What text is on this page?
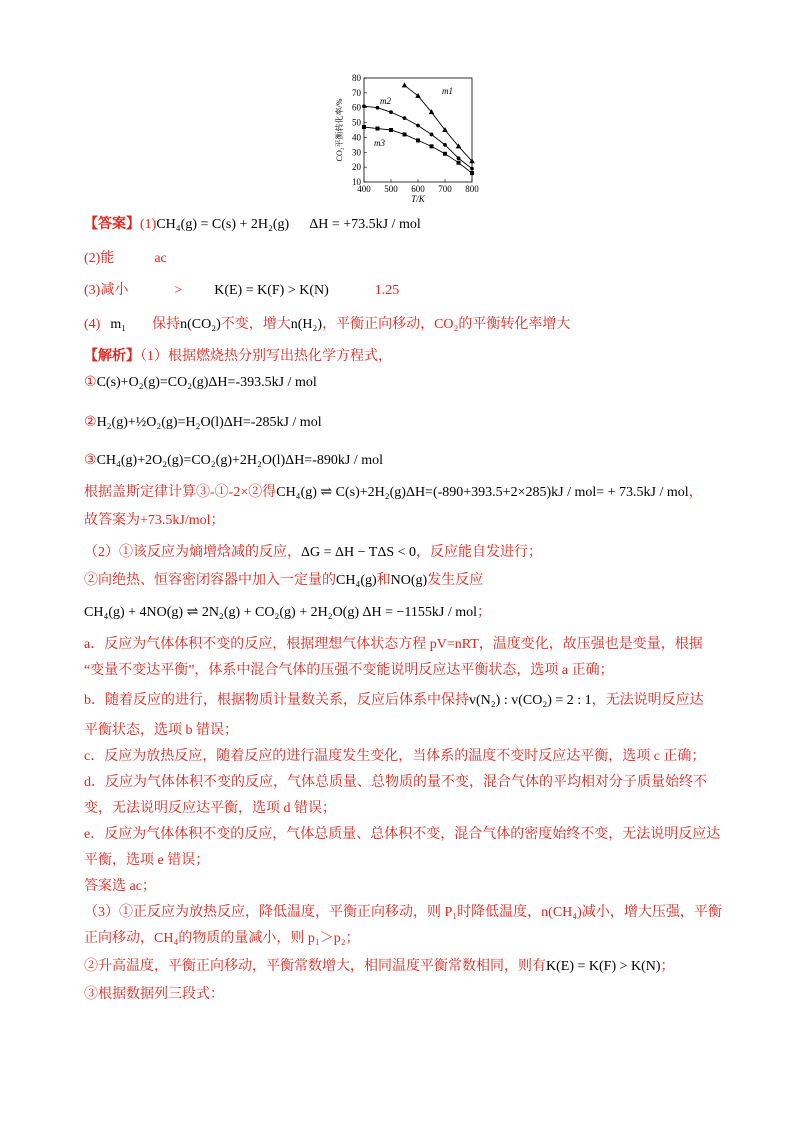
400 500 600 700 800
80
70
60
50
40
30
20
10
T/K
CO₂平衡转化率/%
m1
m2
m3
【答案】(1)CH₄(g) = C(s) + 2H₂(g) ΔH = +73.5kJ / mol
(2)能	ac
(3)减小	> K(E) = K(F) > K(N)	1.25
(4) m₁ 保持n(CO₂)不变，增大n(H₂)，平衡正向移动，CO₂的平衡转化率增大
【解析】（1）根据燃烧热分别写出热化学方程式，
①C(s)+O₂(g)=CO₂(g)ΔH=-393.5kJ / mol
②H₂(g)+½O₂(g)=H₂O(l)ΔH=-285kJ / mol
③CH₄(g)+2O₂(g)=CO₂(g)+2H₂O(l)ΔH=-890kJ / mol
根据盖斯定律计算③-①-2×②得CH₄(g) ⇌ C(s)+2H₂(g)ΔH=(-890+393.5+2×285)kJ / mol= + 73.5kJ / mol，
故答案为+73.5kJ/mol；
（2）①该反应为熵增焓减的反应，ΔG = ΔH − TΔS < 0，反应能自发进行；
②向绝热、恒容密闭容器中加入一定量的CH₄(g)和NO(g)发生反应
CH₄(g) + 4NO(g) ⇌ 2N₂(g) + CO₂(g) + 2H₂O(g) ΔH = −1155kJ / mol；
a．反应为气体体积不变的反应，根据理想气体状态方程 pV=nRT，温度变化，故压强也是变量，根据
“变量不变达平衡”，体系中混合气体的压强不变能说明反应达平衡状态，选项 a 正确；
b．随着反应的进行，根据物质计量数关系，反应后体系中保持v(N₂) : v(CO₂) = 2 : 1，无法说明反应达
平衡状态，选项 b 错误；
c．反应为放热反应，随着反应的进行温度发生变化，当体系的温度不变时反应达平衡，选项 c 正确；
d．反应为气体体积不变的反应，气体总质量、总物质的量不变，混合气体的平均相对分子质量始终不
变，无法说明反应达平衡，选项 d 错误；
e．反应为气体体积不变的反应，气体总质量、总体积不变，混合气体的密度始终不变，无法说明反应达
平衡，选项 e 错误；
答案选 ac；
（3）①正反应为放热反应，降低温度，平衡正向移动，则 P₁时降低温度，n(CH₄)减小，增大压强，平衡
正向移动，CH₄的物质的量减小，则 p₁＞p₂；
②升高温度，平衡正向移动，平衡常数增大，相同温度平衡常数相同，则有K(E) = K(F) > K(N)；
③根据数据列三段式：
